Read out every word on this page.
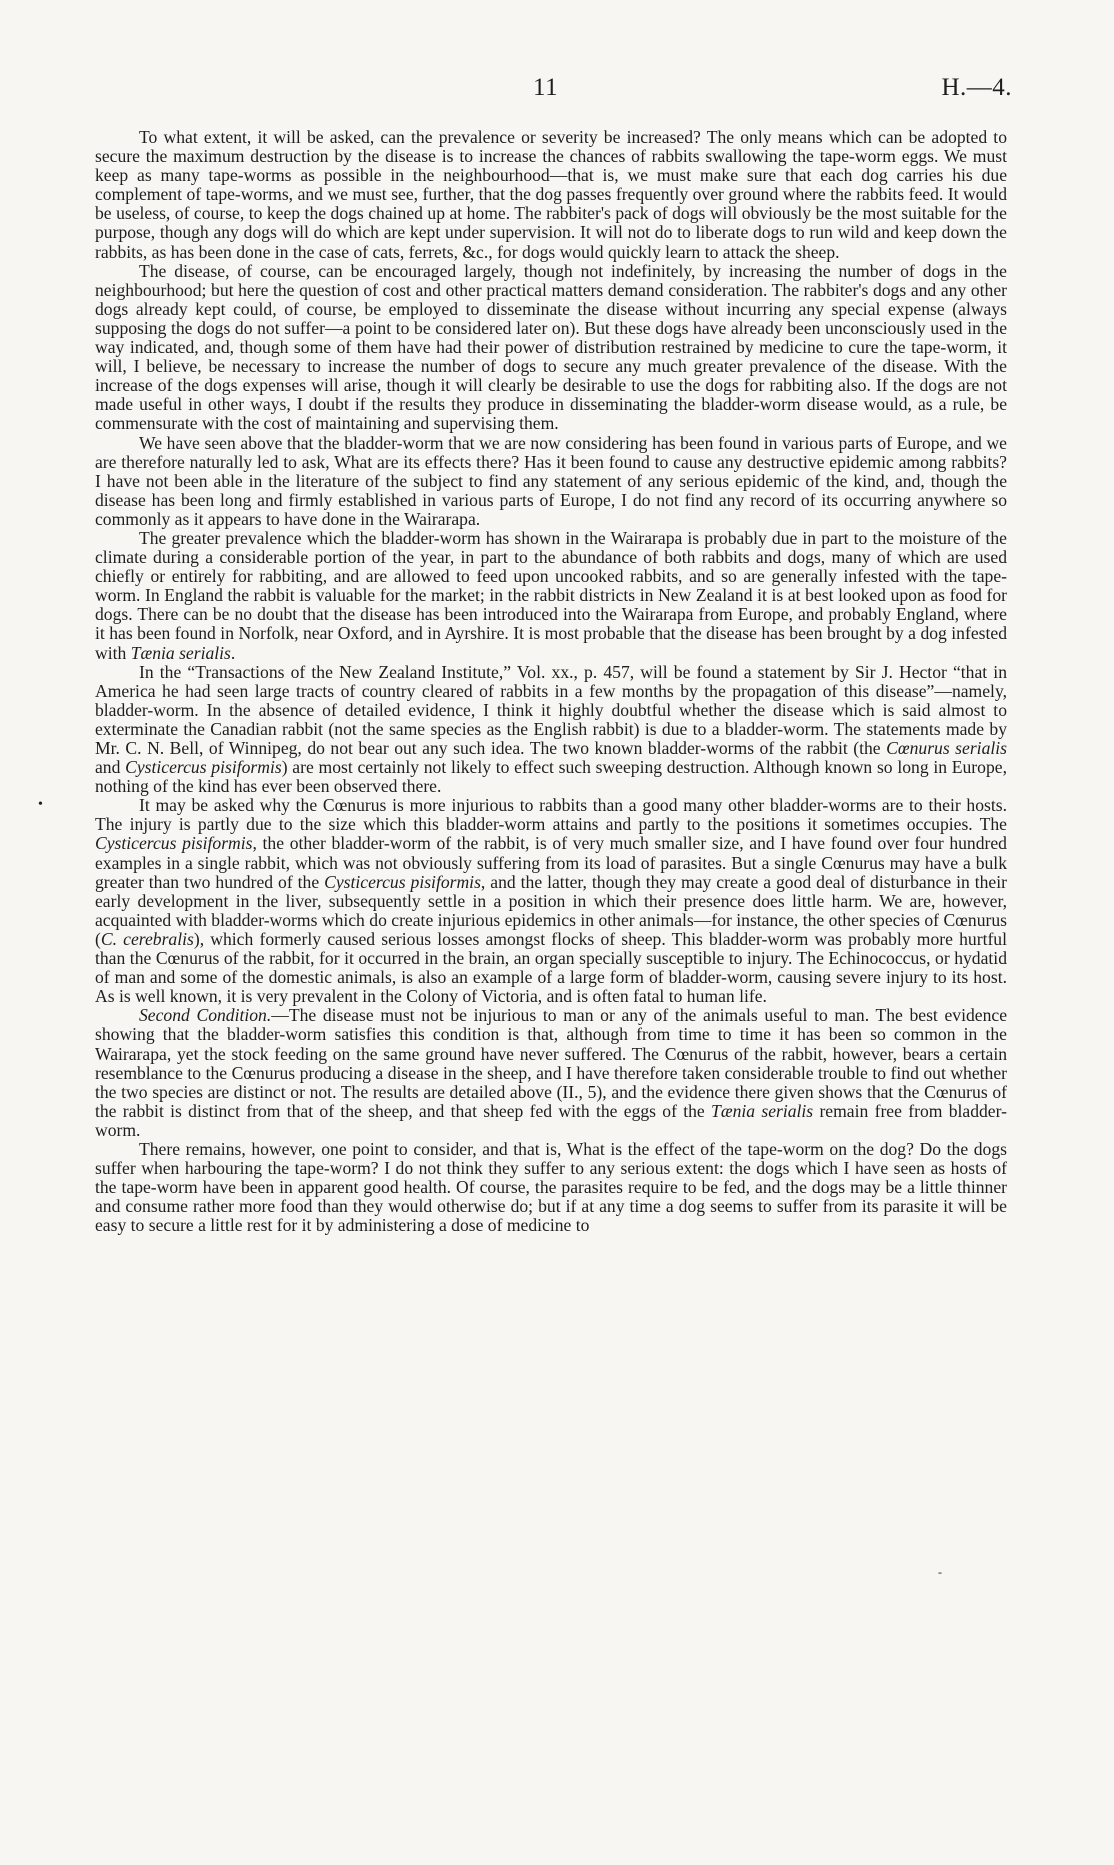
11	H.—4.

To what extent, it will be asked, can the prevalence or severity be increased? The only means which can be adopted to secure the maximum destruction by the disease is to increase the chances of rabbits swallowing the tape-worm eggs. We must keep as many tape-worms as possible in the neighbourhood—that is, we must make sure that each dog carries his due complement of tape-worms, and we must see, further, that the dog passes frequently over ground where the rabbits feed. It would be useless, of course, to keep the dogs chained up at home. The rabbiter's pack of dogs will obviously be the most suitable for the purpose, though any dogs will do which are kept under supervision. It will not do to liberate dogs to run wild and keep down the rabbits, as has been done in the case of cats, ferrets, &c., for dogs would quickly learn to attack the sheep.

The disease, of course, can be encouraged largely, though not indefinitely, by increasing the number of dogs in the neighbourhood; but here the question of cost and other practical matters demand consideration. The rabbiter's dogs and any other dogs already kept could, of course, be employed to disseminate the disease without incurring any special expense (always supposing the dogs do not suffer—a point to be considered later on). But these dogs have already been unconsciously used in the way indicated, and, though some of them have had their power of distribution restrained by medicine to cure the tape-worm, it will, I believe, be necessary to increase the number of dogs to secure any much greater prevalence of the disease. With the increase of the dogs expenses will arise, though it will clearly be desirable to use the dogs for rabbiting also. If the dogs are not made useful in other ways, I doubt if the results they produce in disseminating the bladder-worm disease would, as a rule, be commensurate with the cost of maintaining and supervising them.

We have seen above that the bladder-worm that we are now considering has been found in various parts of Europe, and we are therefore naturally led to ask, What are its effects there? Has it been found to cause any destructive epidemic among rabbits? I have not been able in the literature of the subject to find any statement of any serious epidemic of the kind, and, though the disease has been long and firmly established in various parts of Europe, I do not find any record of its occurring anywhere so commonly as it appears to have done in the Wairarapa.

The greater prevalence which the bladder-worm has shown in the Wairarapa is probably due in part to the moisture of the climate during a considerable portion of the year, in part to the abundance of both rabbits and dogs, many of which are used chiefly or entirely for rabbiting, and are allowed to feed upon uncooked rabbits, and so are generally infested with the tape-worm. In England the rabbit is valuable for the market; in the rabbit districts in New Zealand it is at best looked upon as food for dogs. There can be no doubt that the disease has been introduced into the Wairarapa from Europe, and probably England, where it has been found in Norfolk, near Oxford, and in Ayrshire. It is most probable that the disease has been brought by a dog infested with Tænia serialis.

In the “Transactions of the New Zealand Institute,” Vol. xx., p. 457, will be found a statement by Sir J. Hector “that in America he had seen large tracts of country cleared of rabbits in a few months by the propagation of this disease”—namely, bladder-worm. In the absence of detailed evidence, I think it highly doubtful whether the disease which is said almost to exterminate the Canadian rabbit (not the same species as the English rabbit) is due to a bladder-worm. The statements made by Mr. C. N. Bell, of Winnipeg, do not bear out any such idea. The two known bladder-worms of the rabbit (the Cœnurus serialis and Cysticercus pisiformis) are most certainly not likely to effect such sweeping destruction. Although known so long in Europe, nothing of the kind has ever been observed there.

It may be asked why the Cœnurus is more injurious to rabbits than a good many other bladder-worms are to their hosts. The injury is partly due to the size which this bladder-worm attains and partly to the positions it sometimes occupies. The Cysticercus pisiformis, the other bladder-worm of the rabbit, is of very much smaller size, and I have found over four hundred examples in a single rabbit, which was not obviously suffering from its load of parasites. But a single Cœnurus may have a bulk greater than two hundred of the Cysticercus pisiformis, and the latter, though they may create a good deal of disturbance in their early development in the liver, subsequently settle in a position in which their presence does little harm. We are, however, acquainted with bladder-worms which do create injurious epidemics in other animals—for instance, the other species of Cœnurus (C. cerebralis), which formerly caused serious losses amongst flocks of sheep. This bladder-worm was probably more hurtful than the Cœnurus of the rabbit, for it occurred in the brain, an organ specially susceptible to injury. The Echinococcus, or hydatid of man and some of the domestic animals, is also an example of a large form of bladder-worm, causing severe injury to its host. As is well known, it is very prevalent in the Colony of Victoria, and is often fatal to human life.

Second Condition.—The disease must not be injurious to man or any of the animals useful to man. The best evidence showing that the bladder-worm satisfies this condition is that, although from time to time it has been so common in the Wairarapa, yet the stock feeding on the same ground have never suffered. The Cœnurus of the rabbit, however, bears a certain resemblance to the Cœnurus producing a disease in the sheep, and I have therefore taken considerable trouble to find out whether the two species are distinct or not. The results are detailed above (II., 5), and the evidence there given shows that the Cœnurus of the rabbit is distinct from that of the sheep, and that sheep fed with the eggs of the Tænia serialis remain free from bladder-worm.

There remains, however, one point to consider, and that is, What is the effect of the tape-worm on the dog? Do the dogs suffer when harbouring the tape-worm? I do not think they suffer to any serious extent: the dogs which I have seen as hosts of the tape-worm have been in apparent good health. Of course, the parasites require to be fed, and the dogs may be a little thinner and consume rather more food than they would otherwise do; but if at any time a dog seems to suffer from its parasite it will be easy to secure a little rest for it by administering a dose of medicine to

•
-
